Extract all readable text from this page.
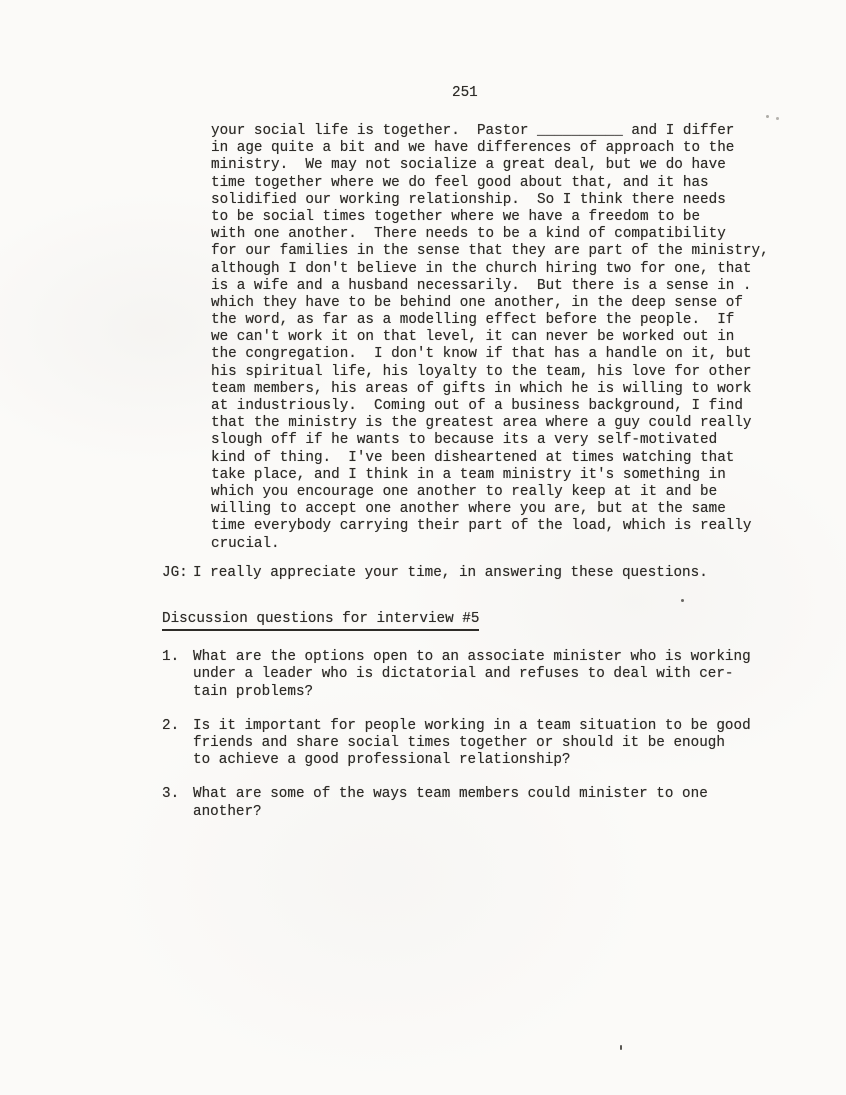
251
your social life is together.  Pastor __________ and I differ
in age quite a bit and we have differences of approach to the
ministry.  We may not socialize a great deal, but we do have
time together where we do feel good about that, and it has
solidified our working relationship.  So I think there needs
to be social times together where we have a freedom to be
with one another.  There needs to be a kind of compatibility
for our families in the sense that they are part of the ministry,
although I don't believe in the church hiring two for one, that
is a wife and a husband necessarily.  But there is a sense in .
which they have to be behind one another, in the deep sense of
the word, as far as a modelling effect before the people.  If
we can't work it on that level, it can never be worked out in
the congregation.  I don't know if that has a handle on it, but
his spiritual life, his loyalty to the team, his love for other
team members, his areas of gifts in which he is willing to work
at industriously.  Coming out of a business background, I find
that the ministry is the greatest area where a guy could really
slough off if he wants to because its a very self-motivated
kind of thing.  I've been disheartened at times watching that
take place, and I think in a team ministry it's something in
which you encourage one another to really keep at it and be
willing to accept one another where you are, but at the same
time everybody carrying their part of the load, which is really
crucial.
JG: I really appreciate your time, in answering these questions.
Discussion questions for interview #5
1. What are the options open to an associate minister who is working
under a leader who is dictatorial and refuses to deal with cer-
tain problems?
2. Is it important for people working in a team situation to be good
friends and share social times together or should it be enough
to achieve a good professional relationship?
3. What are some of the ways team members could minister to one
another?
